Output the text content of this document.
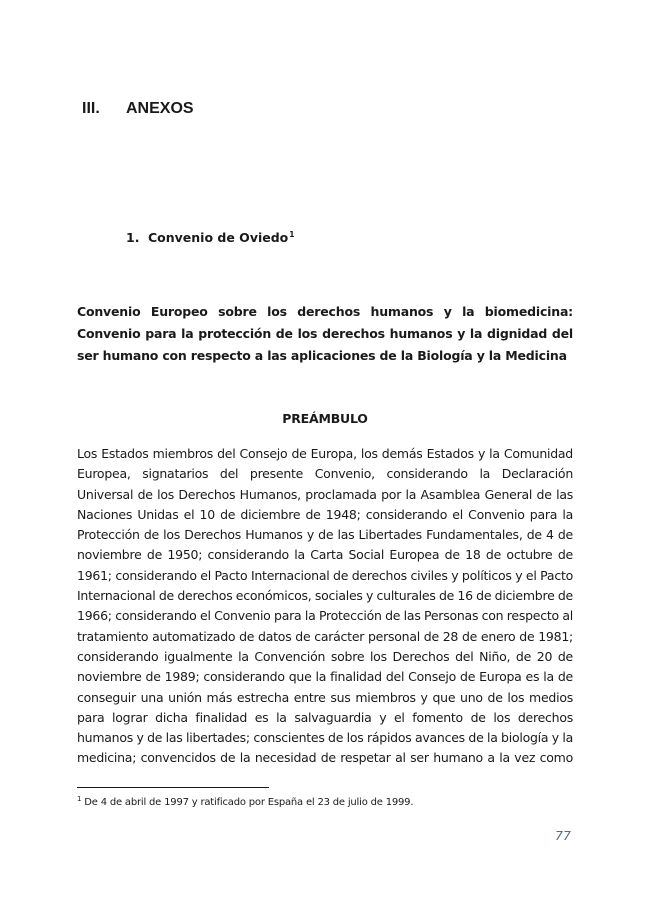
III.	ANEXOS
1. Convenio de Oviedo$^1$
Convenio Europeo sobre los derechos humanos y la biomedicina: Convenio para la protección de los derechos humanos y la dignidad del ser humano con respecto a las aplicaciones de la Biología y la Medicina
PREÁMBULO
Los Estados miembros del Consejo de Europa, los demás Estados y la Comunidad Europea, signatarios del presente Convenio, considerando la Declaración Universal de los Derechos Humanos, proclamada por la Asamblea General de las Naciones Unidas el 10 de diciembre de 1948; considerando el Convenio para la Protección de los Derechos Humanos y de las Libertades Fundamentales, de 4 de noviembre de 1950; considerando la Carta Social Europea de 18 de octubre de 1961; considerando el Pacto Internacional de derechos civiles y políticos y el Pacto Internacional de derechos económicos, sociales y culturales de 16 de diciembre de 1966; considerando el Convenio para la Protección de las Personas con respecto al tratamiento automatizado de datos de carácter personal de 28 de enero de 1981; considerando igualmente la Convención sobre los Derechos del Niño, de 20 de noviembre de 1989; considerando que la finalidad del Consejo de Europa es la de conseguir una unión más estrecha entre sus miembros y que uno de los medios para lograr dicha finalidad es la salvaguardia y el fomento de los derechos humanos y de las libertades; conscientes de los rápidos avances de la biología y la medicina; convencidos de la necesidad de respetar al ser humano a la vez como
$^1$ De 4 de abril de 1997 y ratificado por España el 23 de julio de 1999.
77
